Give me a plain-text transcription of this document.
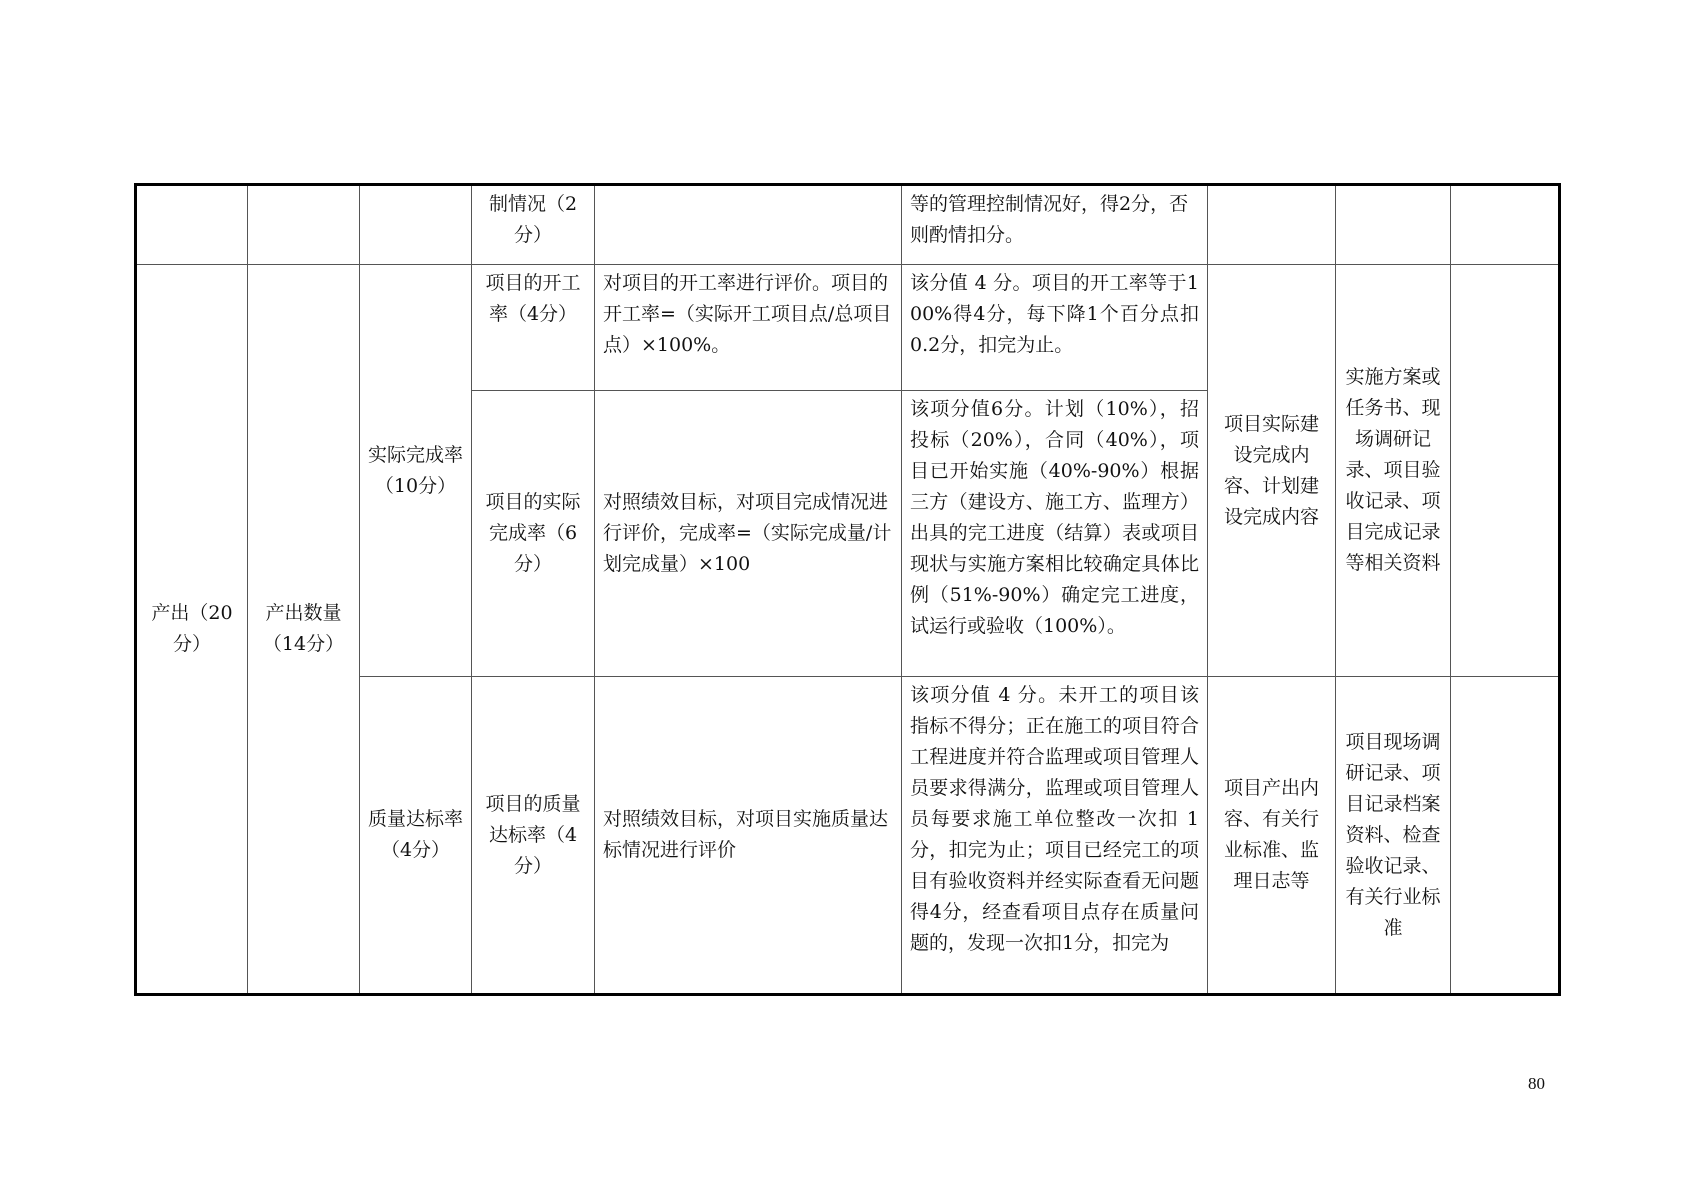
			制情况（2分）		等的管理控制情况好，得2分，否则酌情扣分。			
产出（20分）	产出数量（14分）	实际完成率（10分）	项目的开工率（4分）	对项目的开工率进行评价。项目的开工率=（实际开工项目点/总项目点）×100%。	该分值 4 分。项目的开工率等于100%得4分，每下降1个百分点扣0.2分，扣完为止。	项目实际建设完成内容、计划建设完成内容	实施方案或任务书、现场调研记录、项目验收记录、项目完成记录等相关资料	
			项目的实际完成率（6分）	对照绩效目标，对项目完成情况进行评价，完成率=（实际完成量/计划完成量）×100	该项分值6分。计划（10%），招投标（20%），合同（40%），项目已开始实施（40%-90%）根据三方（建设方、施工方、监理方）出具的完工进度（结算）表或项目现状与实施方案相比较确定具体比例（51%-90%）确定完工进度，试运行或验收（100%）。			
		质量达标率（4分）	项目的质量达标率（4分）	对照绩效目标，对项目实施质量达标情况进行评价	该项分值 4 分。未开工的项目该指标不得分；正在施工的项目符合工程进度并符合监理或项目管理人员要求得满分，监理或项目管理人员每要求施工单位整改一次扣 1 分，扣完为止；项目已经完工的项目有验收资料并经实际查看无问题得4分，经查看项目点存在质量问题的，发现一次扣1分，扣完为	项目产出内容、有关行业标准、监理日志等	项目现场调研记录、项目记录档案资料、检查验收记录、有关行业标准	
80
